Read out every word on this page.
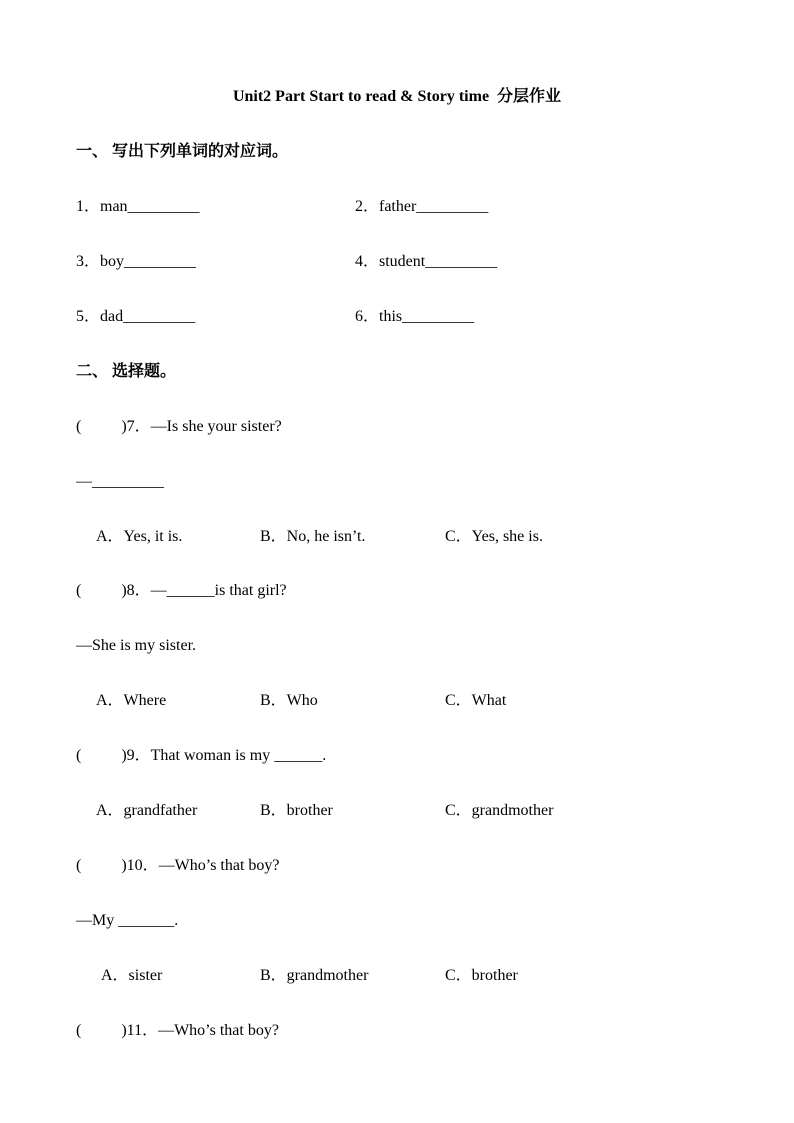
Unit2 Part Start to read & Story time  分层作业
一、 写出下列单词的对应词。
1．man_________	2．father_________
3．boy_________	4．student_________
5．dad_________	6．this_________
二、 选择题。
(          )7．—Is she your sister?
—_________
A．Yes, it is.	B．No, he isn’t.	C．Yes, she is.
(          )8．—______is that girl?
—She is my sister.
A．Where	B．Who	C．What
(          )9．That woman is my ______.
A．grandfather	B．brother	C．grandmother
(          )10．—Who’s that boy?
—My _______.
A．sister	B．grandmother	C．brother
(          )11．—Who’s that boy?
